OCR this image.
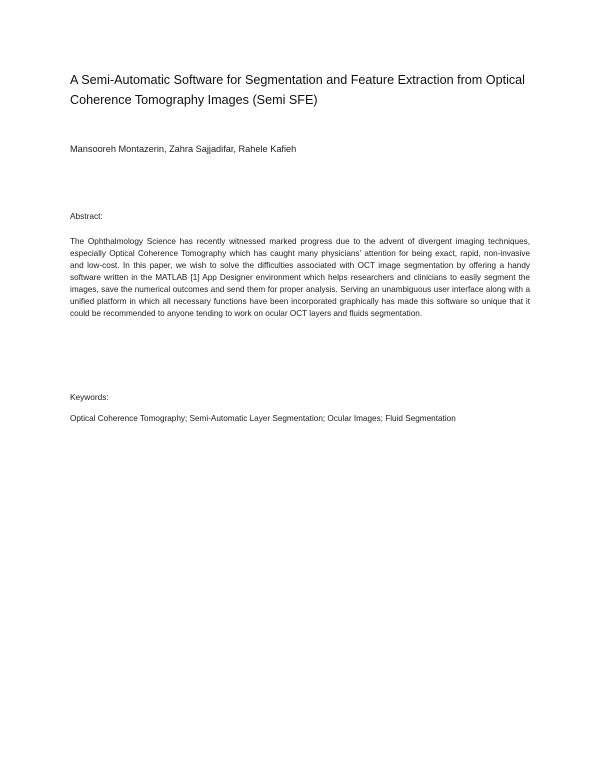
A Semi-Automatic Software for Segmentation and Feature Extraction from Optical Coherence Tomography Images (Semi SFE)
Mansooreh Montazerin, Zahra Sajjadifar, Rahele Kafieh
Abstract:
The Ophthalmology Science has recently witnessed marked progress due to the advent of divergent imaging techniques, especially Optical Coherence Tomography which has caught many physicians' attention for being exact, rapid, non-invasive and low-cost. In this paper, we wish to solve the difficulties associated with OCT image segmentation by offering a handy software written in the MATLAB [1] App Designer environment which helps researchers and clinicians to easily segment the images, save the numerical outcomes and send them for proper analysis. Serving an unambiguous user interface along with a unified platform in which all necessary functions have been incorporated graphically has made this software so unique that it could be recommended to anyone tending to work on ocular OCT layers and fluids segmentation.
Keywords:
Optical Coherence Tomography; Semi-Automatic Layer Segmentation; Ocular Images; Fluid Segmentation
